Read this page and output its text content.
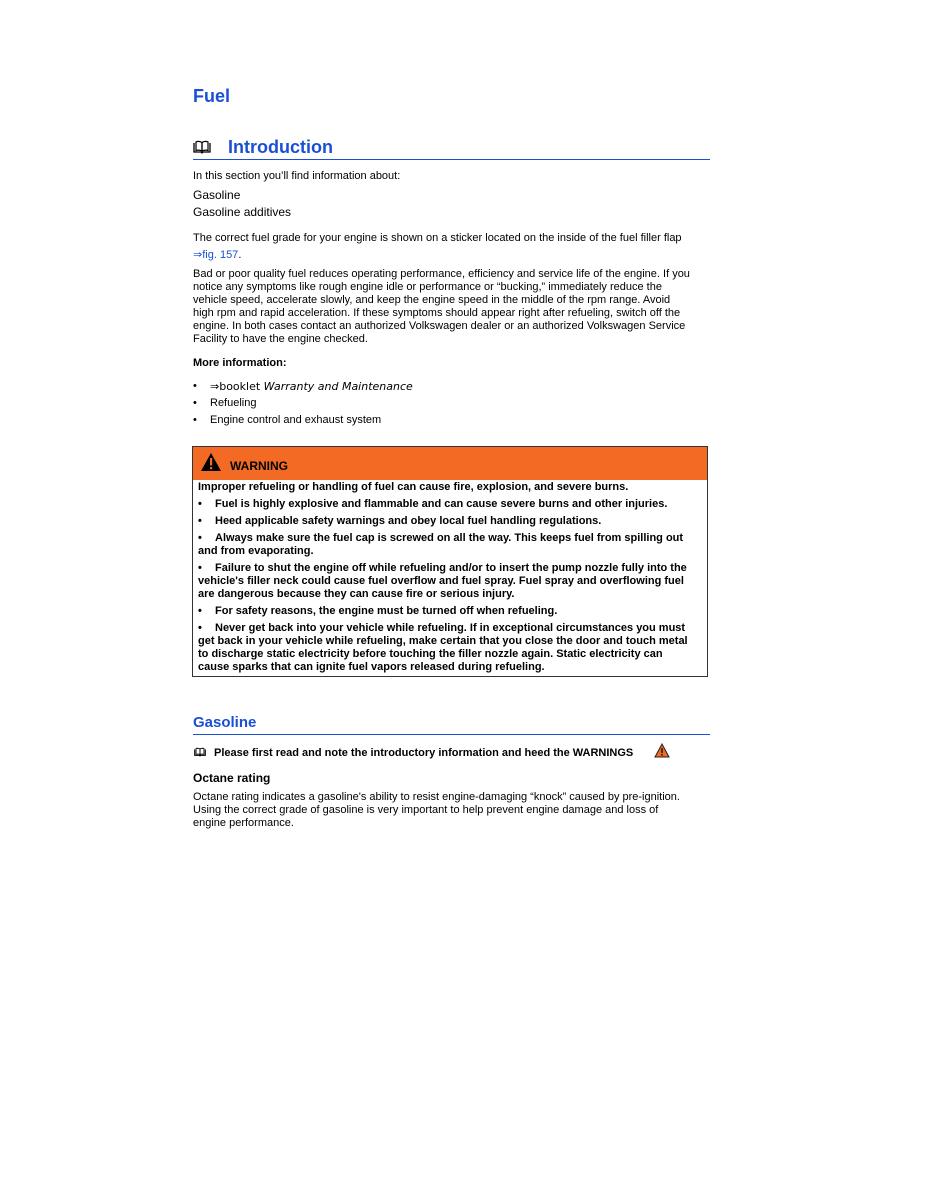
Fuel
Introduction

In this section you’ll find information about:

Gasoline

Gasoline additives

The correct fuel grade for your engine is shown on a sticker located on the inside of the fuel filler flap

⇒fig. 157.

Bad or poor quality fuel reduces operating performance, efficiency and service life of the engine. If you

notice any symptoms like rough engine idle or performance or “bucking,” immediately reduce the

vehicle speed, accelerate slowly, and keep the engine speed in the middle of the rpm range. Avoid

high rpm and rapid acceleration. If these symptoms should appear right after refueling, switch off the

engine. In both cases contact an authorized Volkswagen dealer or an authorized Volkswagen Service

Facility to have the engine checked.

More information:

• ⇒booklet Warranty and Maintenance
• Refueling
• Engine control and exhaust system
WARNING

Improper refueling or handling of fuel can cause fire, explosion, and severe burns.

• Fuel is highly explosive and flammable and can cause severe burns and other injuries.

• Heed applicable safety warnings and obey local fuel handling regulations.

• Always make sure the fuel cap is screwed on all the way. This keeps fuel from spilling out
and from evaporating.

• Failure to shut the engine off while refueling and/or to insert the pump nozzle fully into the
vehicle's filler neck could cause fuel overflow and fuel spray. Fuel spray and overflowing fuel
are dangerous because they can cause fire or serious injury.

• For safety reasons, the engine must be turned off when refueling.

• Never get back into your vehicle while refueling. If in exceptional circumstances you must
get back in your vehicle while refueling, make certain that you close the door and touch metal
to discharge static electricity before touching the filler nozzle again. Static electricity can
cause sparks that can ignite fuel vapors released during refueling.

Gasoline

Please first read and note the introductory information and heed the WARNINGS

Octane rating

Octane rating indicates a gasoline's ability to resist engine-damaging “knock” caused by pre-ignition.

Using the correct grade of gasoline is very important to help prevent engine damage and loss of

engine performance.
